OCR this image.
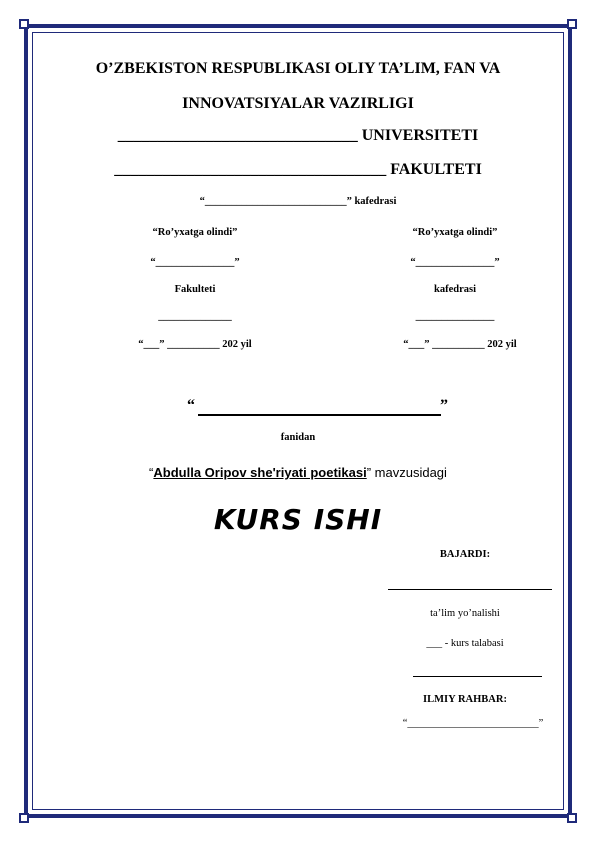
O’ZBEKISTON RESPUBLIKASI OLIY TA’LIM, FAN VA
INNOVATSIYALAR VAZIRLIGI
______________________________ UNIVERSITETI
__________________________________ FAKULTETI
“___________________________” kafedrasi
“Ro’yxatga olindi”
“_______________”
Fakulteti
______________
“___” __________ 202 yil
“Ro’yxatga olindi”
“_______________”
kafedrasi
_______________
“___” __________ 202 yil
“	”
fanidan
“Abdulla Oripov she'riyati poetikasi” mavzusidagi
KURS ISHI
BAJARDI:
ta’lim yo’nalishi
___ - kurs talabasi
ILMIY RAHBAR:
“_________________________”
